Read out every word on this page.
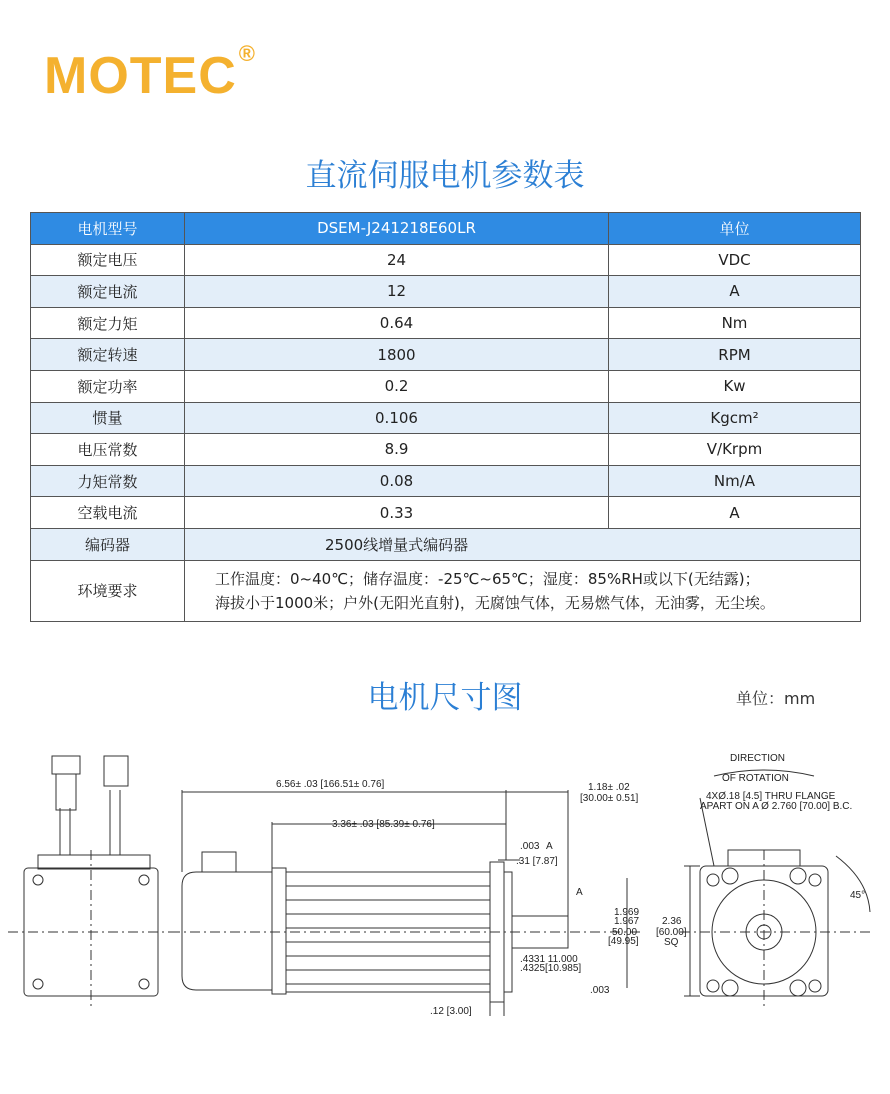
MOTEC®
直流伺服电机参数表
电机型号	DSEM-J241218E60LR	单位
额定电压	24	VDC
额定电流	12	A
额定力矩	0.64	Nm
额定转速	1800	RPM
额定功率	0.2	Kw
惯量	0.106	Kgcm²
电压常数	8.9	V/Krpm
力矩常数	0.08	Nm/A
空载电流	0.33	A
编码器	2500线增量式编码器	
环境要求	工作温度：0~40℃；储存温度：-25℃~65℃；湿度：85%RH或以下(无结露)；
海拔小于1000米；户外(无阳光直射)，无腐蚀气体，无易燃气体，无油雾，无尘埃。	
电机尺寸图	单位：mm
6.56± .03 [166.51± 0.76]
3.36± .03 [85.39± 0.76]
1.18± .02
[30.00± 0.51]
.003 A
.31 [7.87]
A
1.969
1.967
50.00
[49.95]
.4331 11.000
.4325[10.985]
.003
.12 [3.00]
DIRECTION
OF ROTATION
4XØ.18 [4.5] THRU FLANGE
APART ON A Ø 2.760 [70.00] B.C.
2.36
[60.00]
SQ
45°
